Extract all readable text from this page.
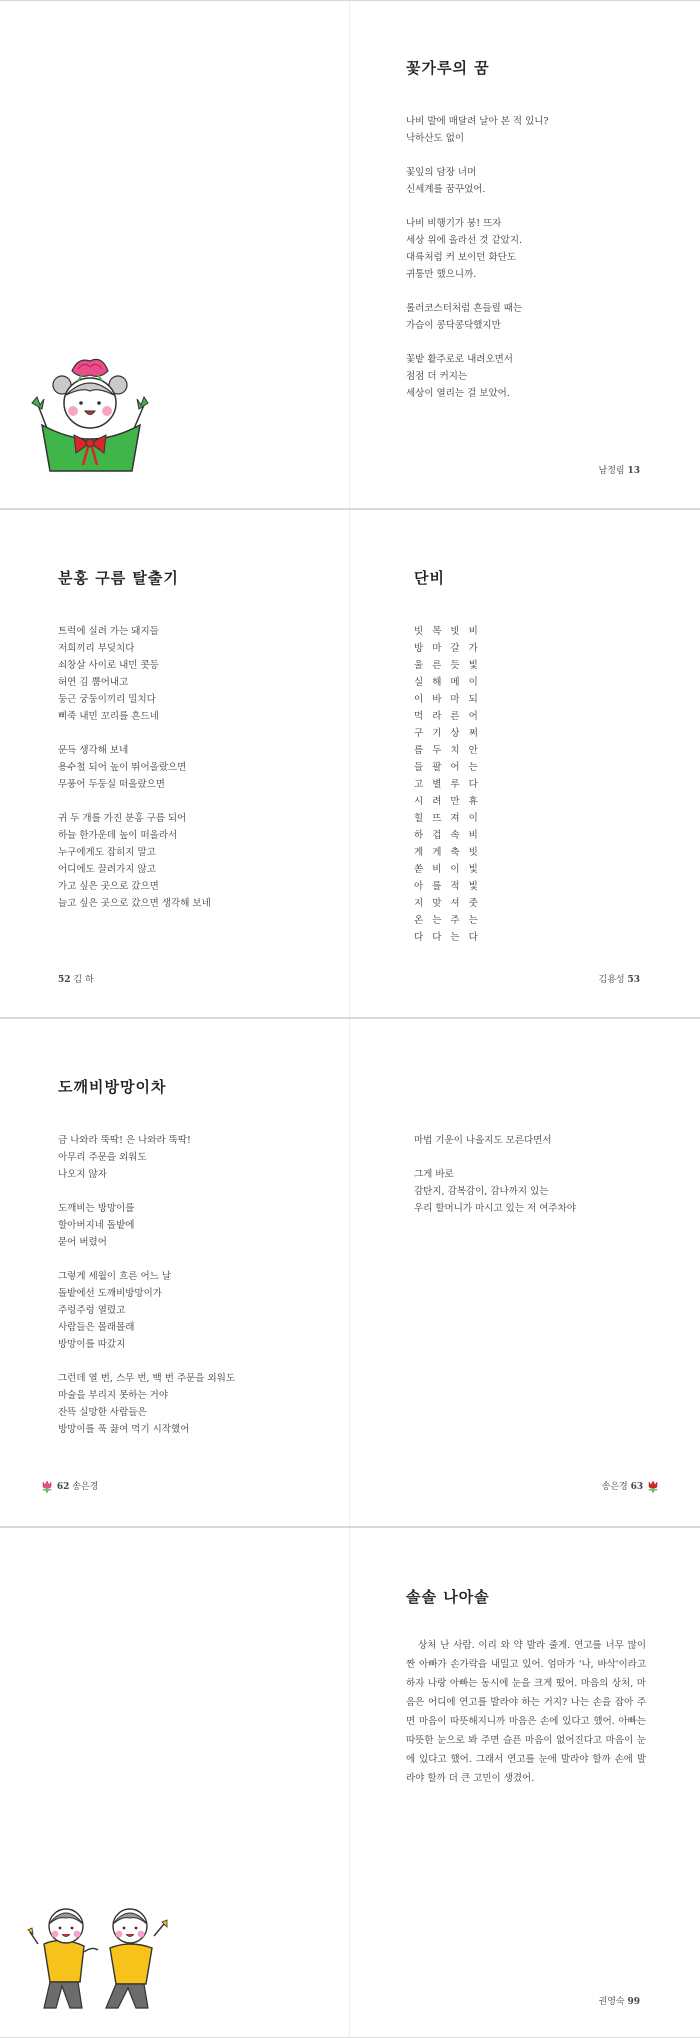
꽃가루의 꿈
나비 발에 매달려 날아 본 적 있니?
낙하산도 없이
꽃잎의 담장 너머
신세계를 꿈꾸었어.
나비 비행기가 붕! 뜨자
세상 위에 올라선 것 같았지.
대륙처럼 커 보이던 화단도
귀퉁만 했으니까.
롤러코스터처럼 흔들릴 때는
가슴이 콩닥콩닥했지만
꽃밭 활주로로 내려오면서
점점 더 커지는
세상이 열리는 걸 보았어.
남정림 13
분홍 구름 탈출기
트럭에 실려 가는 돼지들
저희끼리 부딪치다
쇠창살 사이로 내민 콧등
허연 김 뿜어내고
둥근 궁둥이끼리 밀치다
삐죽 내민 꼬리를 흔드네
문득 생각해 보네
용수철 되어 높이 뛰어올랐으면
무풍어 두둥실 떠올랐으면
귀 두 개를 가진 분홍 구름 되어
하늘 한가운데 높이 떠올라서
누구에게도 잡히지 말고
어디에도 끌려가지 않고
가고 싶은 곳으로 갔으면
늘고 싶은 곳으로 갔으면 생각해 보네
52 김 하
단비
빗 목 빗 비
방 마 갈 가
울 른 듯 빛
실 해 메 이
이 바 마 되
먹 라 른 어
구 기 상 쩌
름 두 치 안
들 팔 어 는
고 별 루 다
시 려 만 휴
힐 뜨 져 이
하 겁 속 비
게 게 축 빗
쏟 비 이 빛
아 를 적 빛
지 맞 셔 줏
온 는 주 는
다 다 는 다
김용성 53
도깨비방망이차
금 나와라 뚝딱! 은 나와라 뚝딱!
아무리 주문을 외워도
나오지 않자
도깨비는 방망이를
할아버지네 돌밭에
묻어 버렸어
그렇게 세월이 흐른 어느 날
돌밭에선 도깨비방망이가
주렁주렁 열렸고
사람들은 몰래몰래
방망이를 따갔지
그런데 열 번, 스무 번, 백 번 주문을 외워도
마술을 부리지 못하는 거야
잔뜩 실망한 사람들은
방망이를 푹 끓여 먹기 시작했어
62 송은경
마법 기운이 나올지도 모른다면서
그게 바로
감탄지, 감복감이, 감나까지 있는
우리 할머니가 마시고 있는 저 여주차야
송은경 63
솔솔 나아솔

상처 난 사람. 이리 와 약 발라 줄게. 연고를 너무 많이 짠 아빠가 손가락을 내밀고 있어. 엄마가 '나, 바삭'이라고 하자 나랑 아빠는 동시에 눈을 크게 떴어. 마음의 상처, 마음은 어디에 연고를 발라야 하는 거지? 나는 손을 잡아 주면 마음이 따뜻해지니까 마음은 손에 있다고 했어. 아빠는 따뜻한 눈으로 봐 주면 슬픈 마음이 없어진다고 마음이 눈에 있다고 했어. 그래서 연고를 눈에 발라야 할까 손에 발라야 할까 더 큰 고민이 생겼어.

권영숙 99
